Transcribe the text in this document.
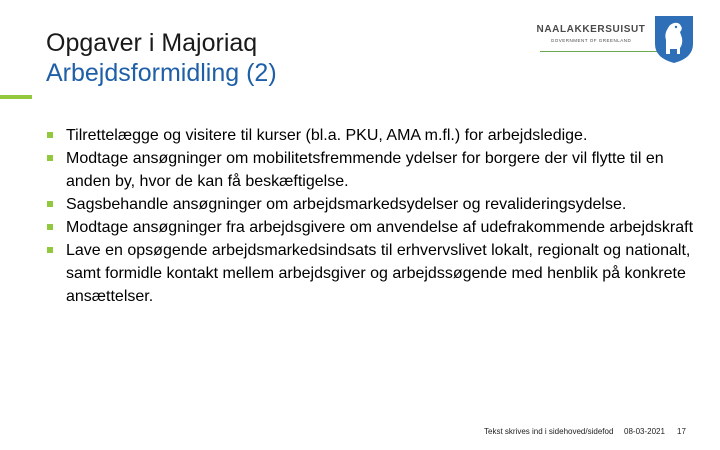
Opgaver i Majoriaq
Arbejdsformidling (2)
NAALAKKERSUISUT
GOVERNMENT OF GREENLAND
Tilrettelægge og visitere til kurser (bl.a. PKU, AMA m.fl.) for arbejdsledige.
Modtage ansøgninger om mobilitetsfremmende ydelser for borgere der vil flytte til en anden by, hvor de kan få beskæftigelse.
Sagsbehandle ansøgninger om arbejdsmarkedsydelser og revalideringsydelse.
Modtage ansøgninger fra arbejdsgivere om anvendelse af udefrakommende arbejdskraft
Lave en opsøgende arbejdsmarkedsindsats til erhvervslivet lokalt, regionalt og nationalt, samt formidle kontakt mellem arbejdsgiver og arbejdssøgende med henblik på konkrete ansættelser.
Tekst skrives ind i sidehoved/sidefod 08-03-2021 17
